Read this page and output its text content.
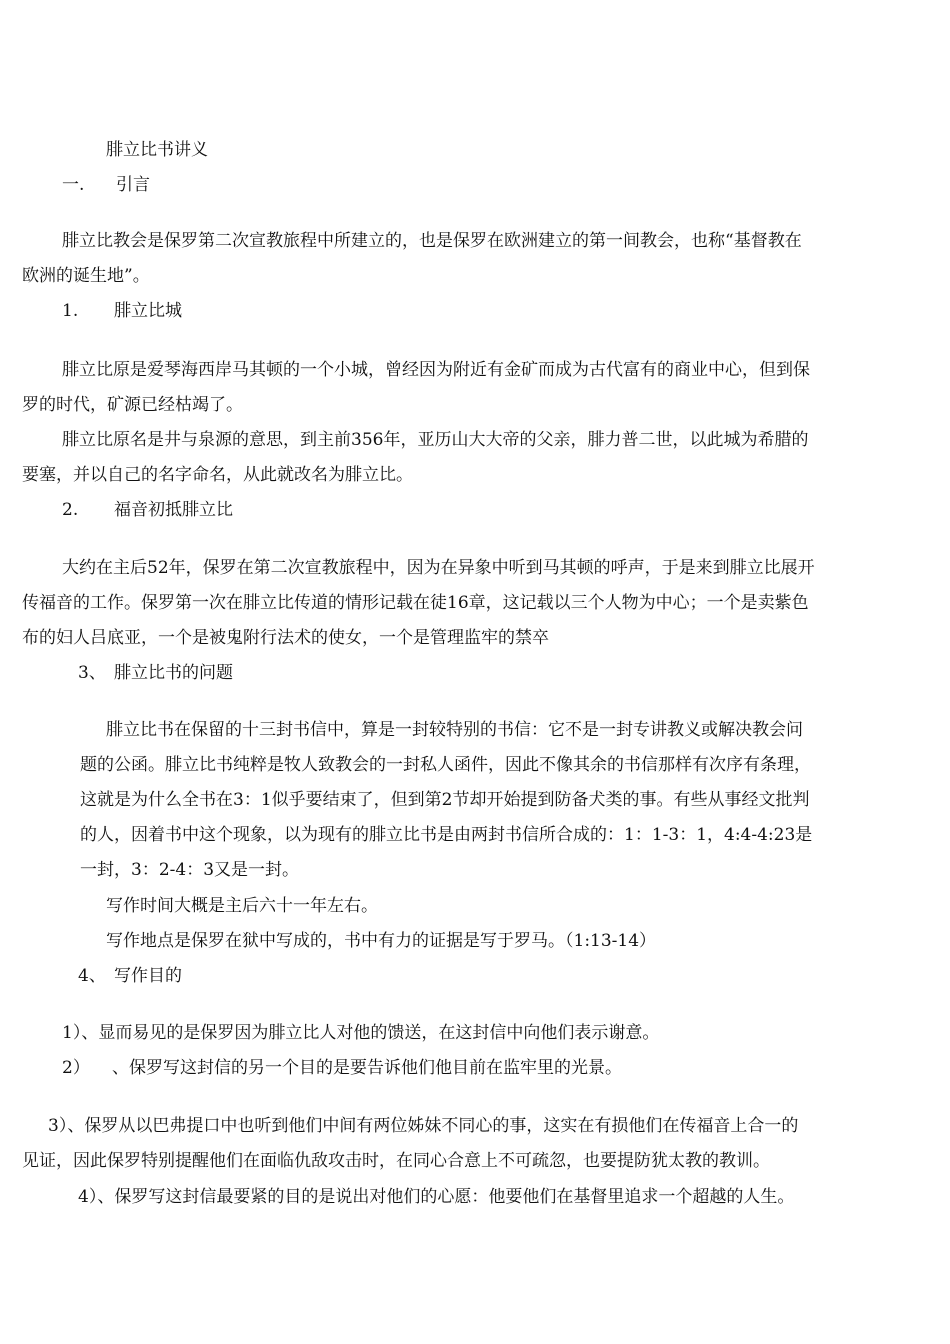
腓立比书讲义
一. 引言
腓立比教会是保罗第二次宣教旅程中所建立的，也是保罗在欧洲建立的第一间教会，也称“基督教在
欧洲的诞生地”。
1. 腓立比城
腓立比原是爱琴海西岸马其顿的一个小城，曾经因为附近有金矿而成为古代富有的商业中心，但到保
罗的时代，矿源已经枯竭了。
腓立比原名是井与泉源的意思，到主前356年，亚历山大大帝的父亲，腓力普二世，以此城为希腊的
要塞，并以自己的名字命名，从此就改名为腓立比。
2. 福音初抵腓立比
大约在主后52年，保罗在第二次宣教旅程中，因为在异象中听到马其顿的呼声，于是来到腓立比展开
传福音的工作。保罗第一次在腓立比传道的情形记载在徒16章，这记载以三个人物为中心；一个是卖紫色
布的妇人吕底亚，一个是被鬼附行法术的使女，一个是管理监牢的禁卒
3、 腓立比书的问题
腓立比书在保留的十三封书信中，算是一封较特别的书信：它不是一封专讲教义或解决教会问
题的公函。腓立比书纯粹是牧人致教会的一封私人函件，因此不像其余的书信那样有次序有条理，
这就是为什么全书在3：1似乎要结束了，但到第2节却开始提到防备犬类的事。有些从事经文批判
的人，因着书中这个现象，以为现有的腓立比书是由两封书信所合成的：1：1-3：1，4:4-4:23是
一封，3：2-4：3又是一封。
写作时间大概是主后六十一年左右。
写作地点是保罗在狱中写成的，书中有力的证据是写于罗马。（1:13-14）
4、 写作目的
1）、显而易见的是保罗因为腓立比人对他的馈送，在这封信中向他们表示谢意。
2） 、保罗写这封信的另一个目的是要告诉他们他目前在监牢里的光景。
3）、保罗从以巴弗提口中也听到他们中间有两位姊妹不同心的事，这实在有损他们在传福音上合一的
见证，因此保罗特别提醒他们在面临仇敌攻击时，在同心合意上不可疏忽，也要提防犹太教的教训。
4）、保罗写这封信最要紧的目的是说出对他们的心愿：他要他们在基督里追求一个超越的人生。
